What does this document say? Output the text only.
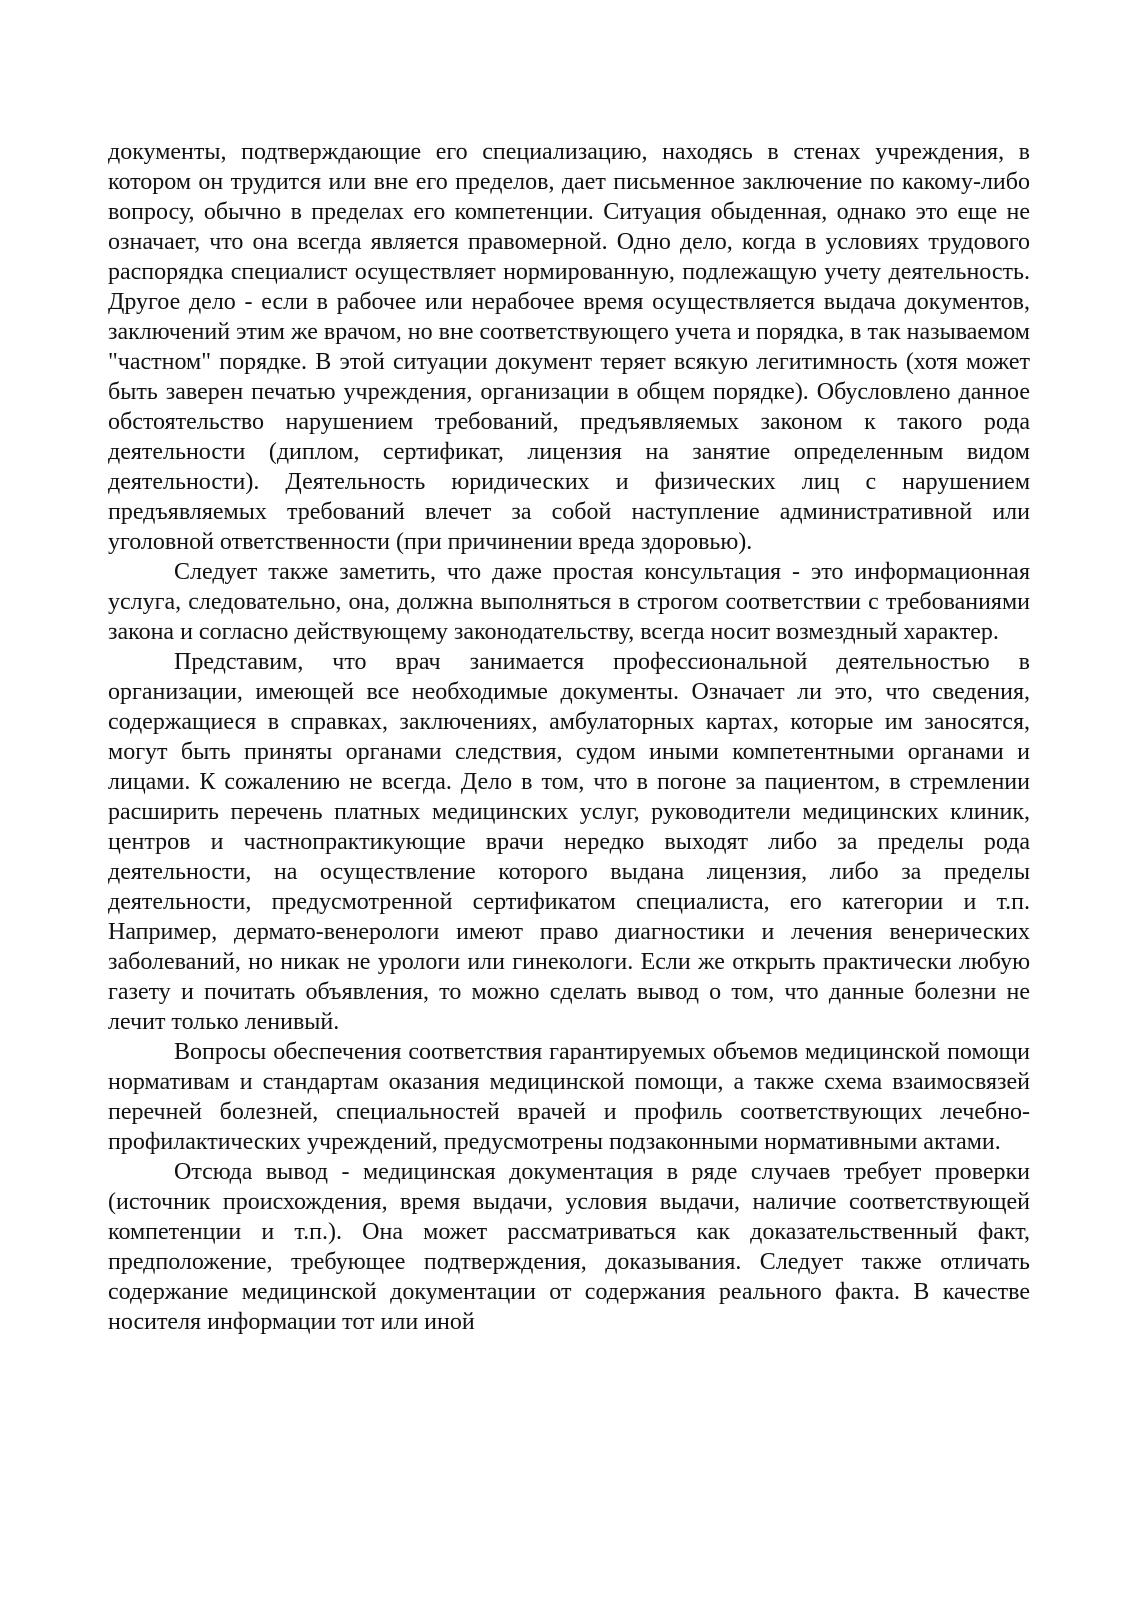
документы, подтверждающие его специализацию, находясь в стенах учреждения, в котором он трудится или вне его пределов, дает письменное заключение по какому-либо вопросу, обычно в пределах его компетенции. Ситуация обыденная, однако это еще не означает, что она всегда является правомерной. Одно дело, когда в условиях трудового распорядка специалист осуществляет нормированную, подлежащую учету деятельность. Другое дело - если в рабочее или нерабочее время осуществляется выдача документов, заключений этим же врачом, но вне соответствующего учета и порядка, в так называемом "частном" порядке. В этой ситуации документ теряет всякую легитимность (хотя может быть заверен печатью учреждения, организации в общем порядке). Обусловлено данное обстоятельство нарушением требований, предъявляемых законом к такого рода деятельности (диплом, сертификат, лицензия на занятие определенным видом деятельности). Деятельность юридических и физических лиц с нарушением предъявляемых требований влечет за собой наступление административной или уголовной ответственности (при причинении вреда здоровью).

Следует также заметить, что даже простая консультация - это информационная услуга, следовательно, она, должна выполняться в строгом соответствии с требованиями закона и согласно действующему законодательству, всегда носит возмездный характер.

Представим, что врач занимается профессиональной деятельностью в организации, имеющей все необходимые документы. Означает ли это, что сведения, содержащиеся в справках, заключениях, амбулаторных картах, которые им заносятся, могут быть приняты органами следствия, судом иными компетентными органами и лицами. К сожалению не всегда. Дело в том, что в погоне за пациентом, в стремлении расширить перечень платных медицинских услуг, руководители медицинских клиник, центров и частнопрактикующие врачи нередко выходят либо за пределы рода деятельности, на осуществление которого выдана лицензия, либо за пределы деятельности, предусмотренной сертификатом специалиста, его категории и т.п. Например, дермато-венерологи имеют право диагностики и лечения венерических заболеваний, но никак не урологи или гинекологи. Если же открыть практически любую газету и почитать объявления, то можно сделать вывод о том, что данные болезни не лечит только ленивый.

Вопросы обеспечения соответствия гарантируемых объемов медицинской помощи нормативам и стандартам оказания медицинской помощи, а также схема взаимосвязей перечней болезней, специальностей врачей и профиль соответствующих лечебно-профилактических учреждений, предусмотрены подзаконными нормативными актами.

Отсюда вывод - медицинская документация в ряде случаев требует проверки (источник происхождения, время выдачи, условия выдачи, наличие соответствующей компетенции и т.п.). Она может рассматриваться как доказательственный факт, предположение, требующее подтверждения, доказывания. Следует также отличать содержание медицинской документации от содержания реального факта. В качестве носителя информации тот или иной
